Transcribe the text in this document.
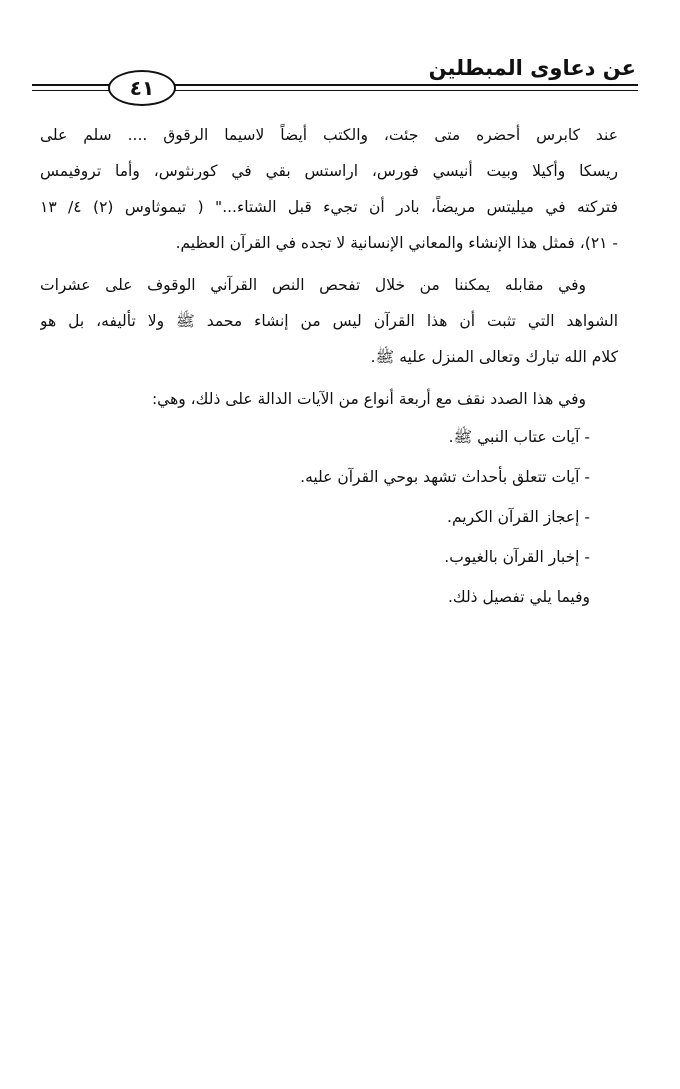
عن دعاوى المبطلين
٤١
عند كابرس أحضره متى جئت، والكتب أيضاً لاسيما الرقوق .... سلم على
ريسكا وأكيلا وبيت أنيسي فورس، اراستس بقي في كورنثوس، وأما تروفيمس
فتركته في ميليتس مريضاً، بادر أن تجيء قبل الشتاء..." ( تيموثاوس (٢) ٤/ ١٣
- ٢١)، فمثل هذا الإنشاء والمعاني الإنسانية لا تجده في القرآن العظيم.
وفي مقابله يمكننا من خلال تفحص النص القرآني الوقوف على عشرات
الشواهد التي تثبت أن هذا القرآن ليس من إنشاء محمد ﷺ ولا تأليفه، بل هو
كلام الله تبارك وتعالى المنزل عليه ﷺ.
وفي هذا الصدد نقف مع أربعة أنواع من الآيات الدالة على ذلك، وهي:
- آيات عتاب النبي ﷺ.
- آيات تتعلق بأحداث تشهد بوحي القرآن عليه.
- إعجاز القرآن الكريم.
- إخبار القرآن بالغيوب.
وفيما يلي تفصيل ذلك.
